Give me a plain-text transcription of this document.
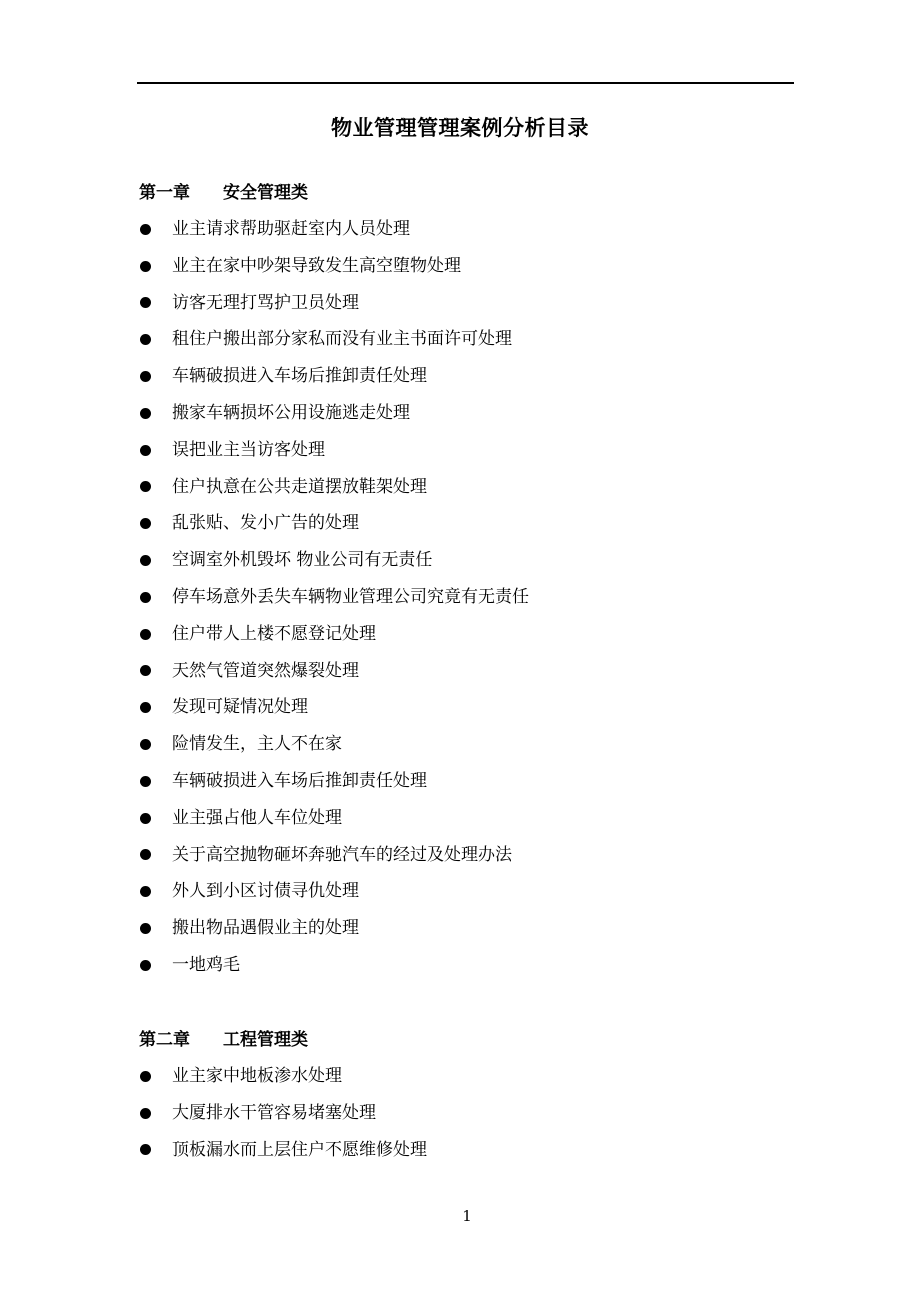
物业管理管理案例分析目录
第一章 安全管理类
业主请求帮助驱赶室内人员处理
业主在家中吵架导致发生高空堕物处理
访客无理打骂护卫员处理
租住户搬出部分家私而没有业主书面许可处理
车辆破损进入车场后推卸责任处理
搬家车辆损坏公用设施逃走处理
误把业主当访客处理
住户执意在公共走道摆放鞋架处理
乱张贴、发小广告的处理
空调室外机毁坏 物业公司有无责任
停车场意外丢失车辆物业管理公司究竟有无责任
住户带人上楼不愿登记处理
天然气管道突然爆裂处理
发现可疑情况处理
险情发生，主人不在家
车辆破损进入车场后推卸责任处理
业主强占他人车位处理
关于高空抛物砸坏奔驰汽车的经过及处理办法
外人到小区讨债寻仇处理
搬出物品遇假业主的处理
一地鸡毛
第二章 工程管理类
业主家中地板渗水处理
大厦排水干管容易堵塞处理
顶板漏水而上层住户不愿维修处理
1
